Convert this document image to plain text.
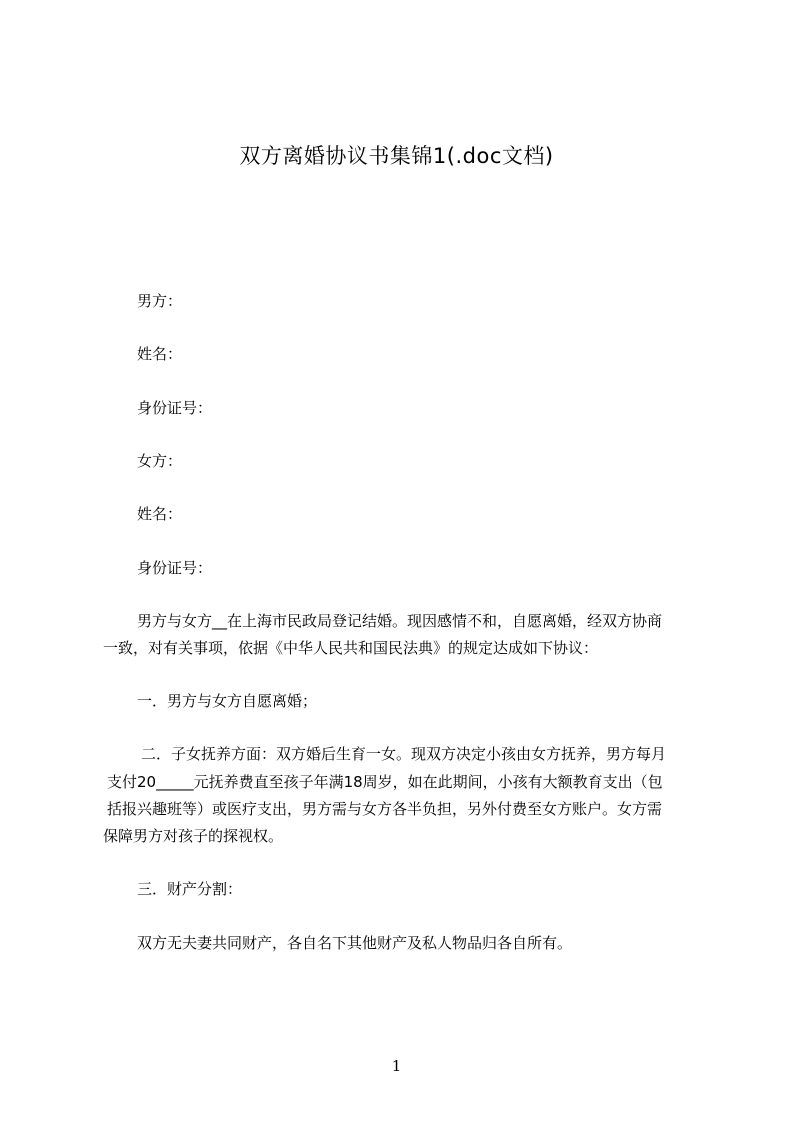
双方离婚协议书集锦1(.doc文档)
男方：
姓名：
身份证号：
女方：
姓名：
身份证号：
男方与女方__在上海市民政局登记结婚。现因感情不和，自愿离婚，经双方协商
一致，对有关事项，依据《中华人民共和国民法典》的规定达成如下协议：
一．男方与女方自愿离婚；
二．子女抚养方面：双方婚后生育一女。现双方决定小孩由女方抚养，男方每月
支付20_____元抚养费直至孩子年满18周岁，如在此期间，小孩有大额教育支出（包
括报兴趣班等）或医疗支出，男方需与女方各半负担，另外付费至女方账户。女方需
保障男方对孩子的探视权。
三．财产分割：
双方无夫妻共同财产，各自名下其他财产及私人物品归各自所有。
1
